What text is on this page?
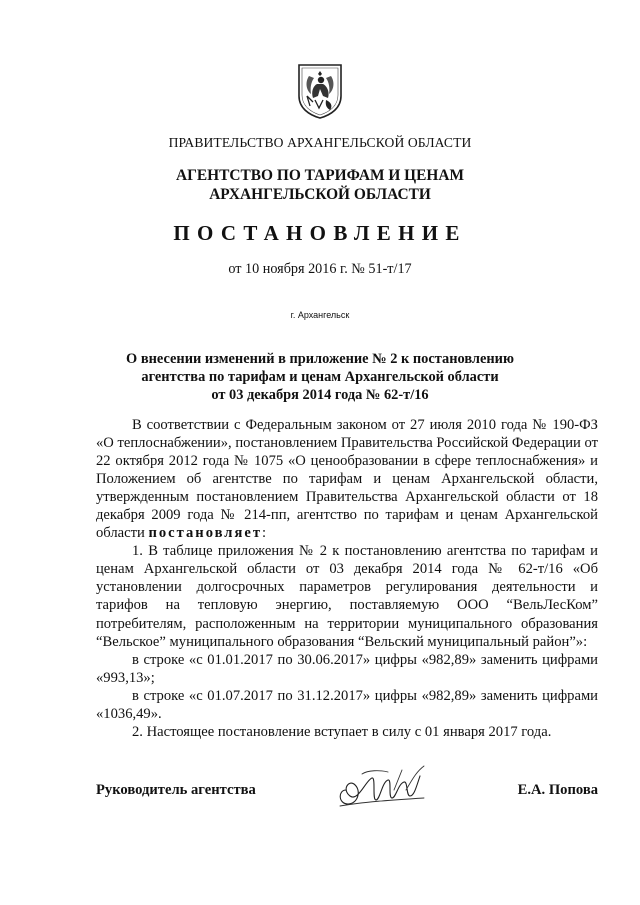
ПРАВИТЕЛЬСТВО АРХАНГЕЛЬСКОЙ ОБЛАСТИ
АГЕНТСТВО ПО ТАРИФАМ И ЦЕНАМ
АРХАНГЕЛЬСКОЙ ОБЛАСТИ
ПОСТАНОВЛЕНИЕ
от 10 ноября 2016 г. № 51-т/17
г. Архангельск
О внесении изменений в приложение № 2 к постановлению
агентства по тарифам и ценам Архангельской области
от 03 декабря 2014 года № 62-т/16

В соответствии с Федеральным законом от 27 июля 2010 года № 190-ФЗ «О теплоснабжении», постановлением Правительства Российской Федерации от 22 октября 2012 года № 1075 «О ценообразовании в сфере теплоснабжения» и Положением об агентстве по тарифам и ценам Архангельской области, утвержденным постановлением Правительства Архангельской области от 18 декабря 2009 года № 214-пп, агентство по тарифам и ценам Архангельской области постановляет:

1. В таблице приложения № 2 к постановлению агентства по тарифам и ценам Архангельской области от 03 декабря 2014 года № 62-т/16 «Об установлении долгосрочных параметров регулирования деятельности и тарифов на тепловую энергию, поставляемую ООО “ВельЛесКом” потребителям, расположенным на территории муниципального образования “Вельское” муниципального образования “Вельский муниципальный район”»:

в строке «с 01.01.2017 по 30.06.2017» цифры «982,89» заменить цифрами «993,13»;

в строке «с 01.07.2017 по 31.12.2017» цифры «982,89» заменить цифрами «1036,49».

2. Настоящее постановление вступает в силу с 01 января 2017 года.

Руководитель агентства	Е.А. Попова
